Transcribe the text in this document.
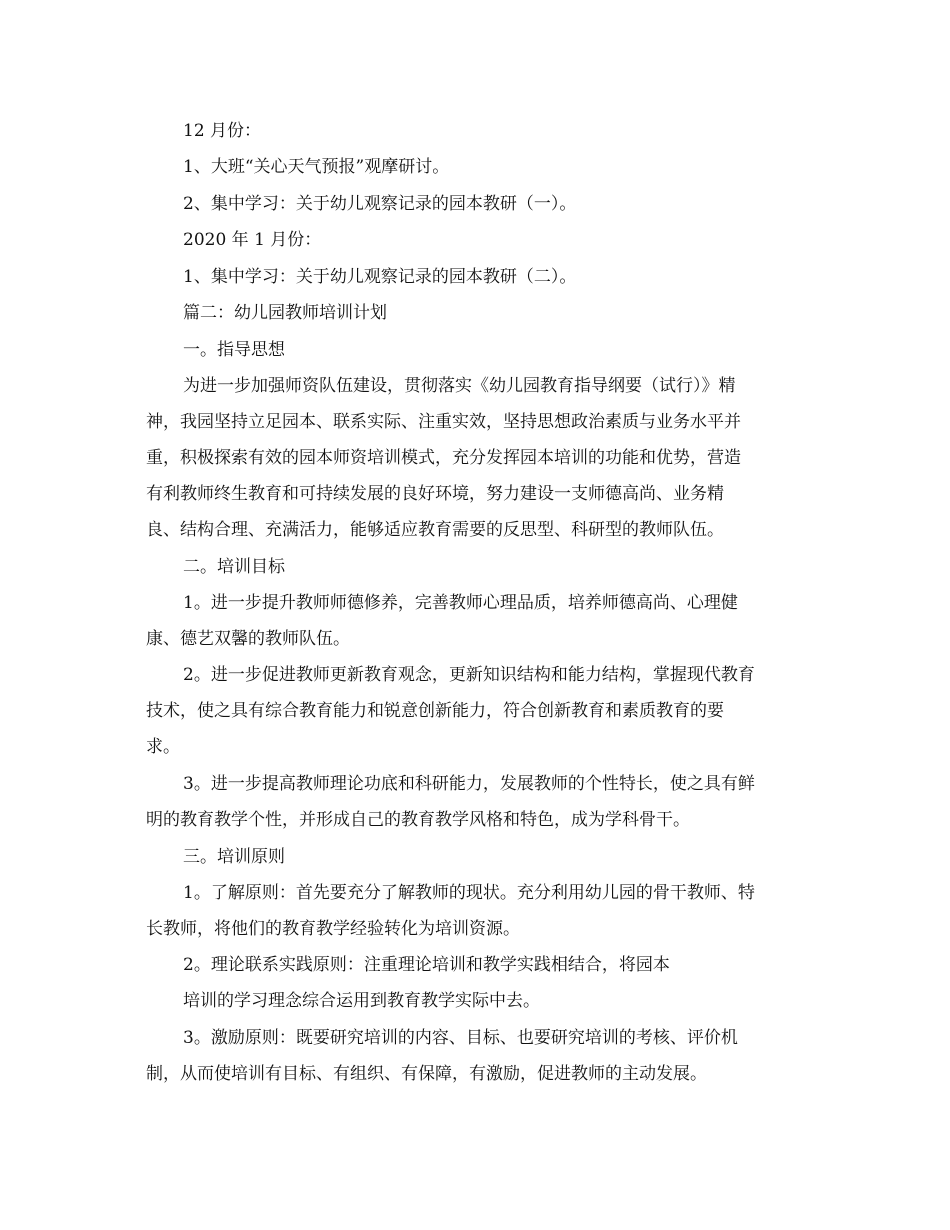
12 月份：
1、大班“关心天气预报”观摩研讨。
2、集中学习：关于幼儿观察记录的园本教研（一）。
2020 年 1 月份：
1、集中学习：关于幼儿观察记录的园本教研（二）。
篇二：幼儿园教师培训计划
一。指导思想
为进一步加强师资队伍建设，贯彻落实《幼儿园教育指导纲要（试行）》精
神，我园坚持立足园本、联系实际、注重实效，坚持思想政治素质与业务水平并
重，积极探索有效的园本师资培训模式，充分发挥园本培训的功能和优势，营造
有利教师终生教育和可持续发展的良好环境，努力建设一支师德高尚、业务精
良、结构合理、充满活力，能够适应教育需要的反思型、科研型的教师队伍。
二。培训目标
1。进一步提升教师师德修养，完善教师心理品质，培养师德高尚、心理健
康、德艺双馨的教师队伍。
2。进一步促进教师更新教育观念，更新知识结构和能力结构，掌握现代教育
技术，使之具有综合教育能力和锐意创新能力，符合创新教育和素质教育的要
求。
3。进一步提高教师理论功底和科研能力，发展教师的个性特长，使之具有鲜
明的教育教学个性，并形成自己的教育教学风格和特色，成为学科骨干。
三。培训原则
1。了解原则：首先要充分了解教师的现状。充分利用幼儿园的骨干教师、特
长教师，将他们的教育教学经验转化为培训资源。
2。理论联系实践原则：注重理论培训和教学实践相结合，将园本
培训的学习理念综合运用到教育教学实际中去。
3。激励原则：既要研究培训的内容、目标、也要研究培训的考核、评价机
制，从而使培训有目标、有组织、有保障，有激励，促进教师的主动发展。
